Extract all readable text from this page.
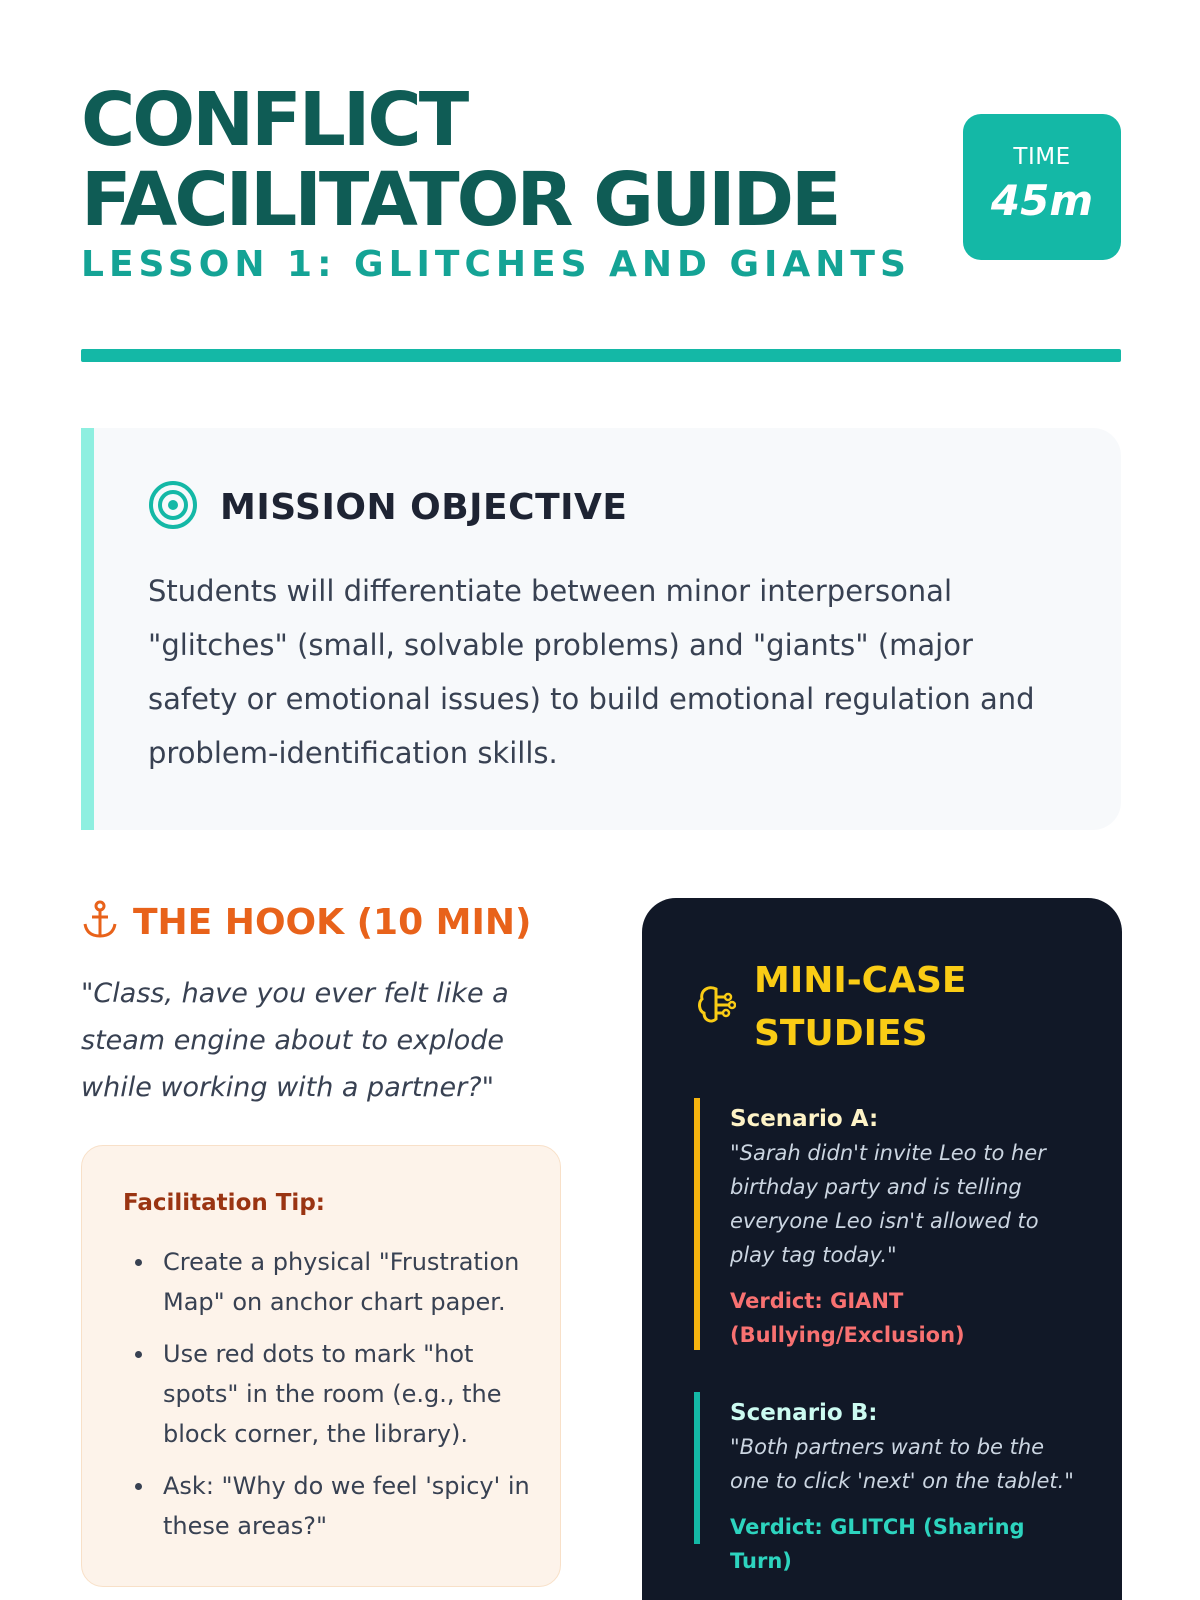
CONFLICT
FACILITATOR GUIDE
LESSON 1: GLITCHES AND GIANTS
TIME
45m
MISSION OBJECTIVE

Students will differentiate between minor interpersonal "glitches" (small, solvable problems) and "giants" (major safety or emotional issues) to build emotional regulation and problem-identification skills.

THE HOOK (10 MIN)

"Class, have you ever felt like a steam engine about to explode while working with a partner?"

Facilitation Tip:
Create a physical "Frustration Map" on anchor chart paper.
Use red dots to mark "hot spots" in the room (e.g., the block corner, the library).
Ask: "Why do we feel 'spicy' in these areas?"
MINI-CASE
STUDIES
Scenario A:
"Sarah didn't invite Leo to her birthday party and is telling everyone Leo isn't allowed to play tag today."
Verdict: GIANT (Bullying/Exclusion)
Scenario B:
"Both partners want to be the one to click 'next' on the tablet."
Verdict: GLITCH (Sharing Turn)
